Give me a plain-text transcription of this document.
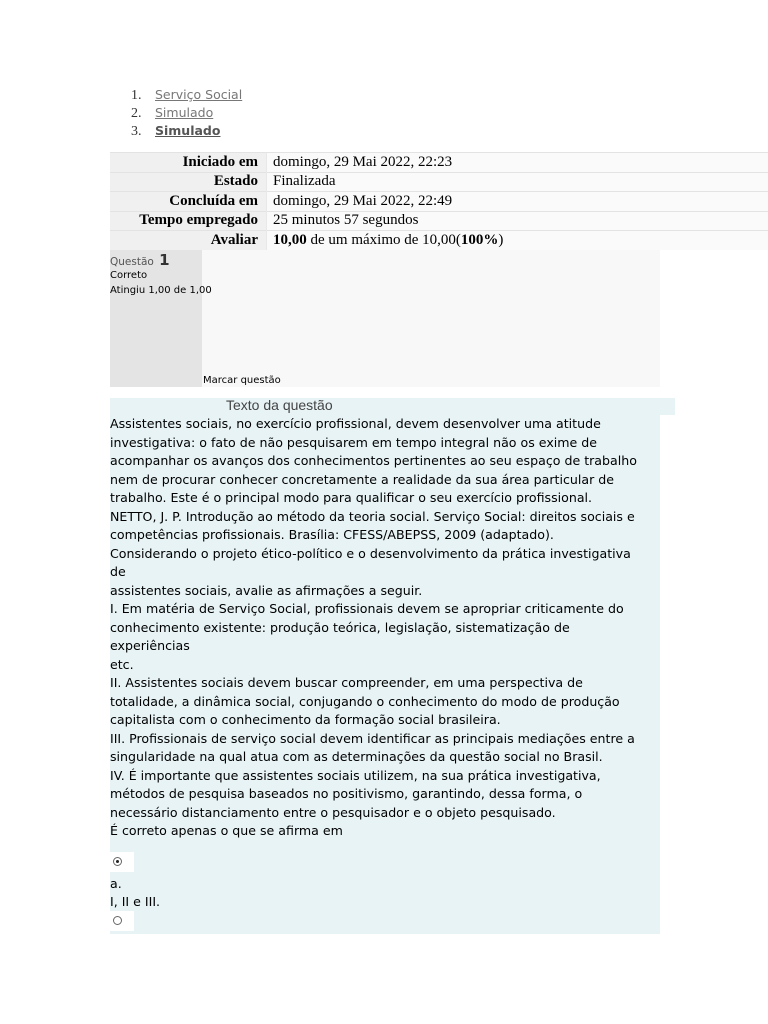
1. Serviço Social
2. Simulado
3. Simulado
Iniciado em	domingo, 29 Mai 2022, 22:23
Estado	Finalizada
Concluída em	domingo, 29 Mai 2022, 22:49
Tempo empregado	25 minutos 57 segundos
Avaliar	10,00 de um máximo de 10,00(100%)
Questão 1
Correto
Atingiu 1,00 de 1,00
Marcar questão
Texto da questão
Assistentes sociais, no exercício profissional, devem desenvolver uma atitude
investigativa: o fato de não pesquisarem em tempo integral não os exime de
acompanhar os avanços dos conhecimentos pertinentes ao seu espaço de trabalho
nem de procurar conhecer concretamente a realidade da sua área particular de
trabalho. Este é o principal modo para qualificar o seu exercício profissional.
NETTO, J. P. Introdução ao método da teoria social. Serviço Social: direitos sociais e
competências profissionais. Brasília: CFESS/ABEPSS, 2009 (adaptado).
Considerando o projeto ético-político e o desenvolvimento da prática investigativa
de
assistentes sociais, avalie as afirmações a seguir.
I. Em matéria de Serviço Social, profissionais devem se apropriar criticamente do
conhecimento existente: produção teórica, legislação, sistematização de
experiências
etc.
II. Assistentes sociais devem buscar compreender, em uma perspectiva de
totalidade, a dinâmica social, conjugando o conhecimento do modo de produção
capitalista com o conhecimento da formação social brasileira.
III. Profissionais de serviço social devem identificar as principais mediações entre a
singularidade na qual atua com as determinações da questão social no Brasil.
IV. É importante que assistentes sociais utilizem, na sua prática investigativa,
métodos de pesquisa baseados no positivismo, garantindo, dessa forma, o
necessário distanciamento entre o pesquisador e o objeto pesquisado.
É correto apenas o que se afirma em
a.
I, II e III.
